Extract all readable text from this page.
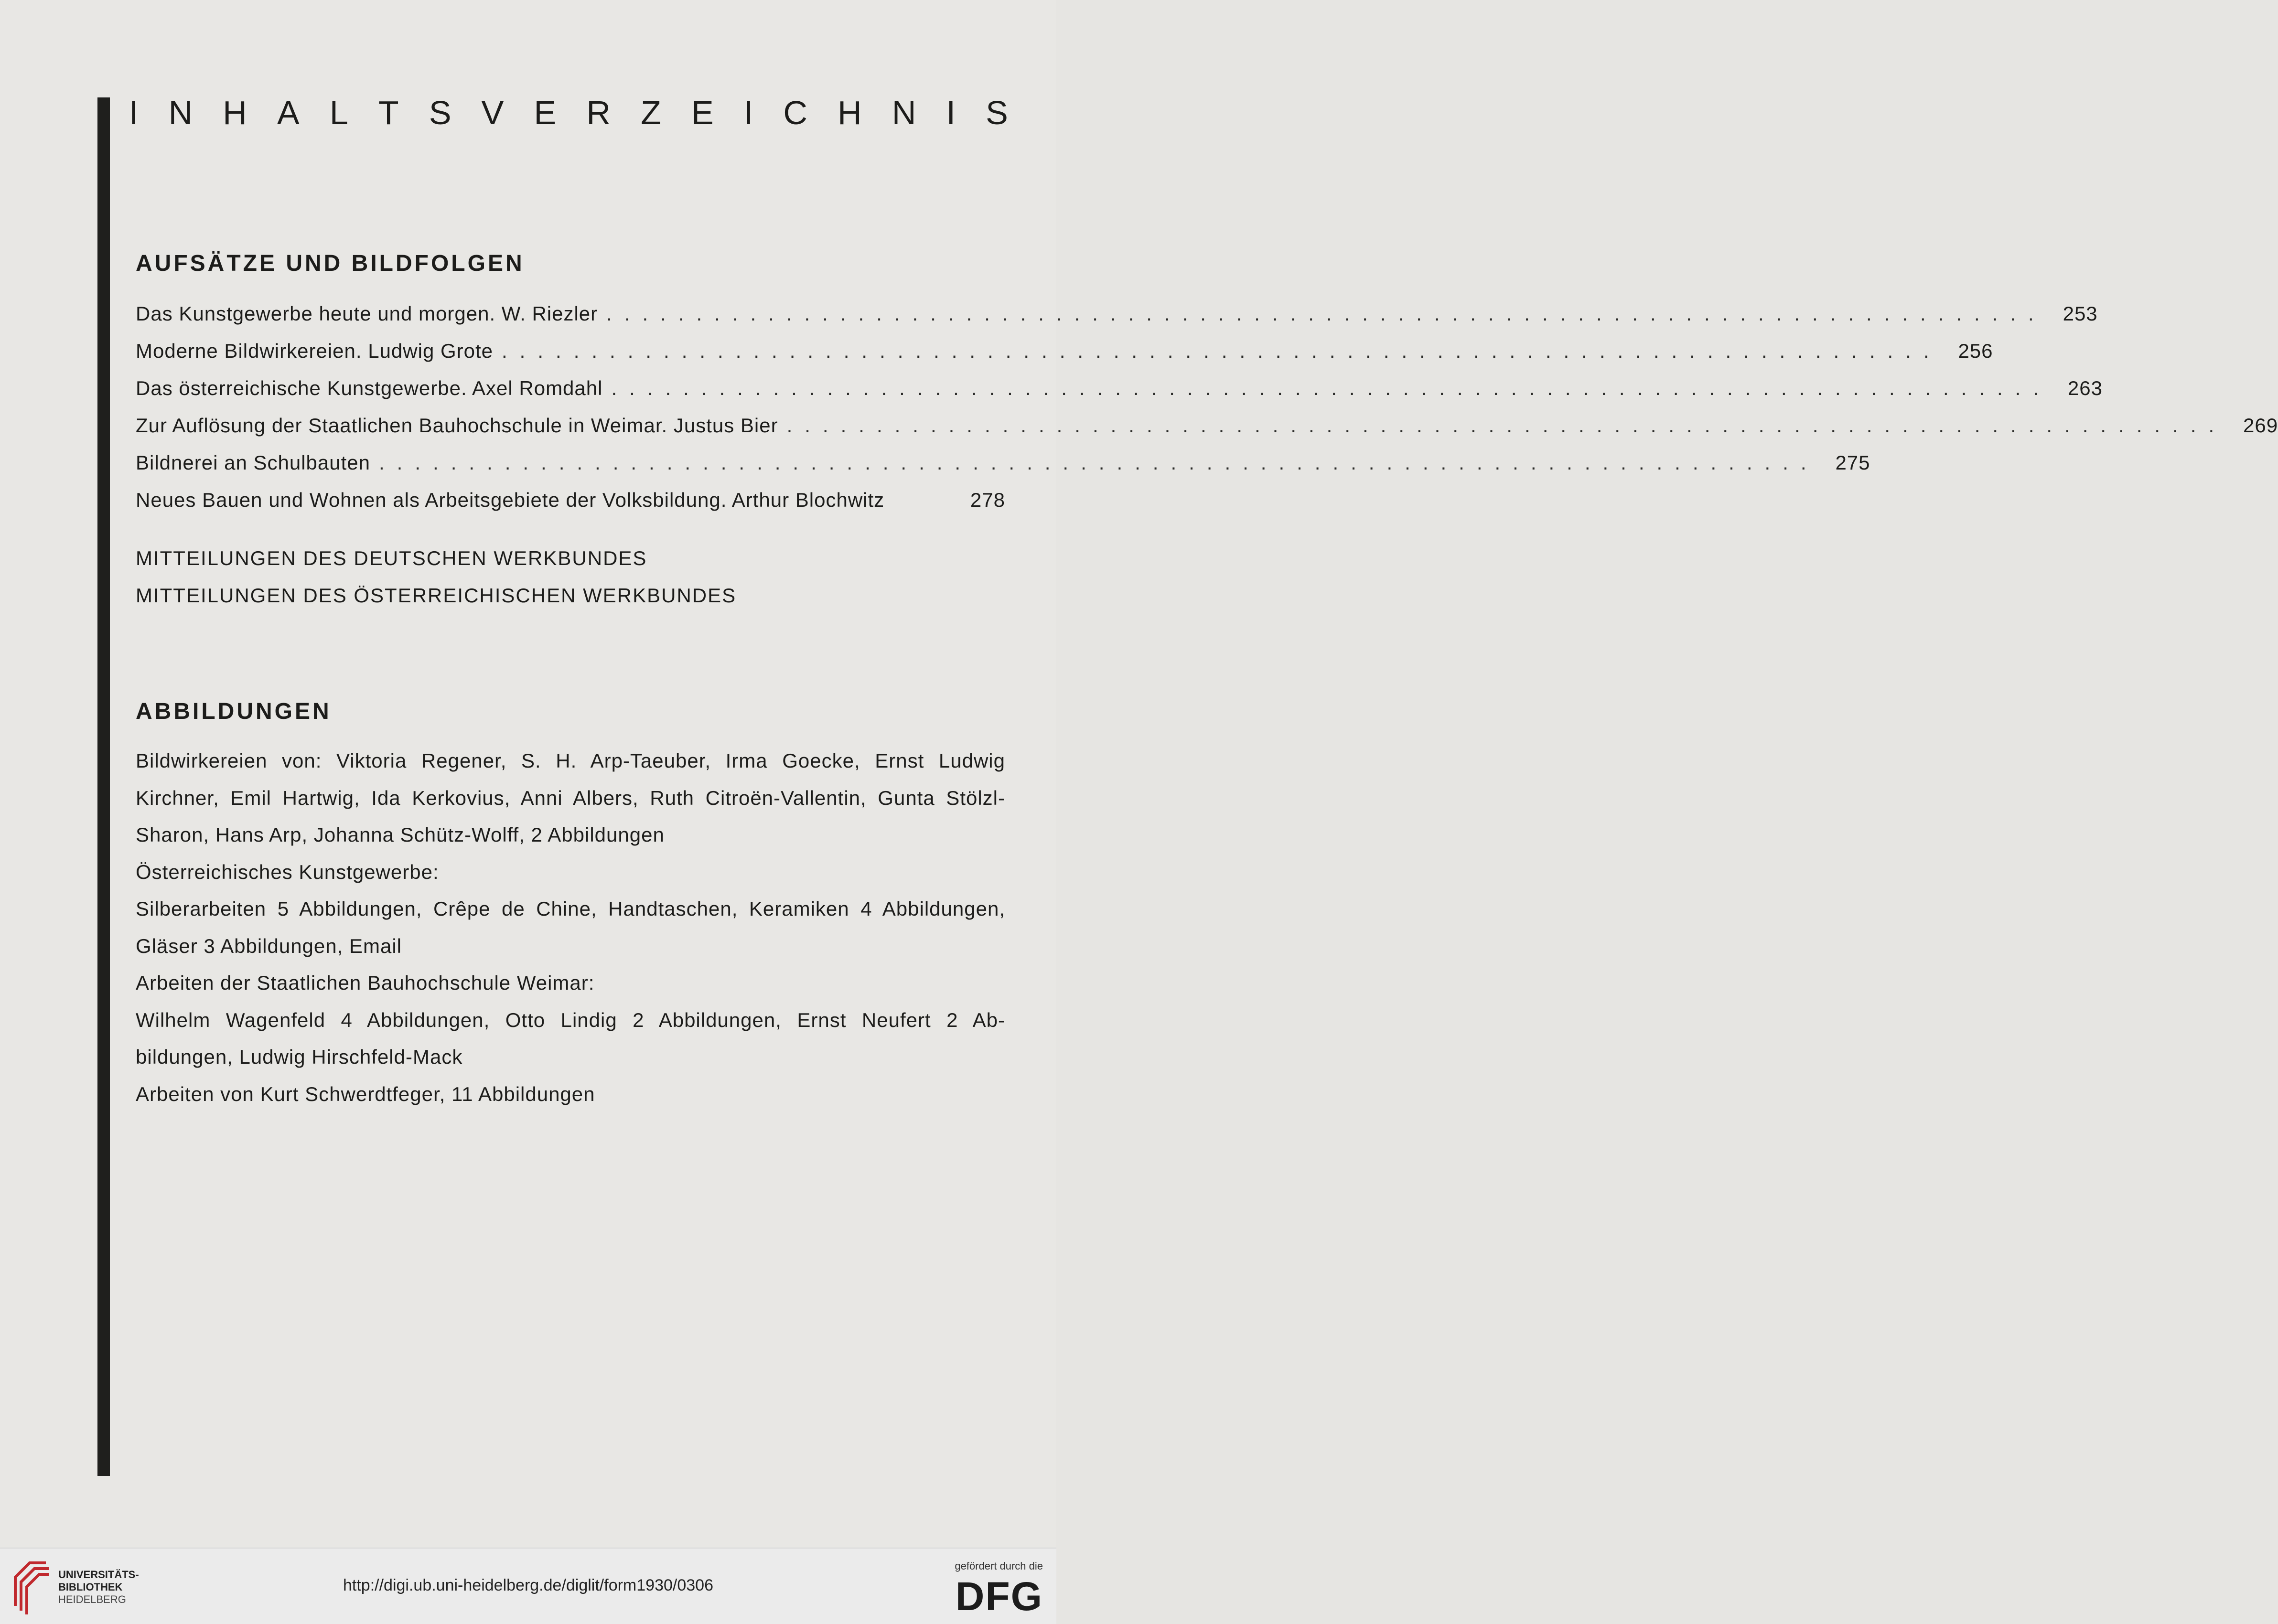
I N H A L T S V E R Z E I C H N I S
AUFSÄTZE UND BILDFOLGEN
Das Kunstgewerbe heute und morgen. W. Riezler ................................................................................ 253
Moderne Bildwirkereien. Ludwig Grote ................................................................................ 256
Das österreichische Kunstgewerbe. Axel Romdahl ................................................................................ 263
Zur Auflösung der Staatlichen Bauhochschule in Weimar. Justus Bier ................................................................................ 269
Bildnerei an Schulbauten ................................................................................ 275
Neues Bauen und Wohnen als Arbeitsgebiete der Volksbildung. Arthur Blochwitz	278
MITTEILUNGEN DES DEUTSCHEN WERKBUNDES
MITTEILUNGEN DES ÖSTERREICHISCHEN WERKBUNDES
ABBILDUNGEN
Bildwirkereien von: Viktoria Regener, S. H. Arp-Taeuber, Irma Goecke, Ernst Ludwig
Kirchner, Emil Hartwig, Ida Kerkovius, Anni Albers, Ruth Citroën-Vallentin, Gunta Stölzl-
Sharon, Hans Arp, Johanna Schütz-Wolff, 2 Abbildungen
Österreichisches Kunstgewerbe:
Silberarbeiten 5 Abbildungen, Crêpe de Chine, Handtaschen, Keramiken 4 Abbildungen,
Gläser 3 Abbildungen, Email
Arbeiten der Staatlichen Bauhochschule Weimar:
Wilhelm Wagenfeld 4 Abbildungen, Otto Lindig 2 Abbildungen, Ernst Neufert 2 Ab-
bildungen, Ludwig Hirschfeld-Mack
Arbeiten von Kurt Schwerdtfeger, 11 Abbildungen
UNIVERSITÄTS-
BIBLIOTHEK
HEIDELBERG
http://digi.ub.uni-heidelberg.de/diglit/form1930/0306
gefördert durch die
DFG
